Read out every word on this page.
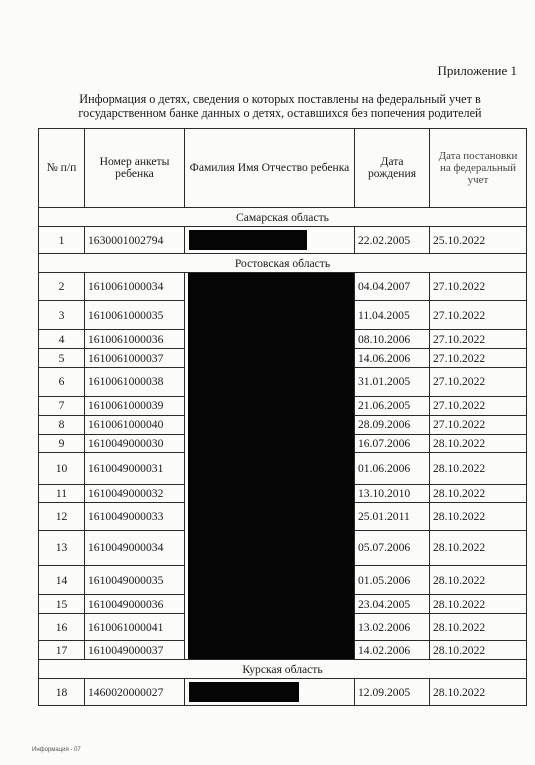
Приложение 1
Информация о детях, сведения о которых поставлены на федеральный учет в
государственном банке данных о детях, оставшихся без попечения родителей
№ п/п	Номер анкеты ребенка	Фамилия Имя Отчество ребенка	Дата рождения	Дата постановки на федеральный учет
Самарская область				
1	1630001002794		22.02.2005	25.10.2022
Ростовская область				
2	1610061000034		04.04.2007	27.10.2022
3	1610061000035		11.04.2005	27.10.2022
4	1610061000036		08.10.2006	27.10.2022
5	1610061000037		14.06.2006	27.10.2022
6	1610061000038		31.01.2005	27.10.2022
7	1610061000039		21.06.2005	27.10.2022
8	1610061000040		28.09.2006	27.10.2022
9	1610049000030		16.07.2006	28.10.2022
10	1610049000031		01.06.2006	28.10.2022
11	1610049000032		13.10.2010	28.10.2022
12	1610049000033		25.01.2011	28.10.2022
13	1610049000034		05.07.2006	28.10.2022
14	1610049000035		01.05.2006	28.10.2022
15	1610049000036		23.04.2005	28.10.2022
16	1610061000041		13.02.2006	28.10.2022
17	1610049000037		14.02.2006	28.10.2022
Курская область				
18	1460020000027		12.09.2005	28.10.2022
Информация - 07
